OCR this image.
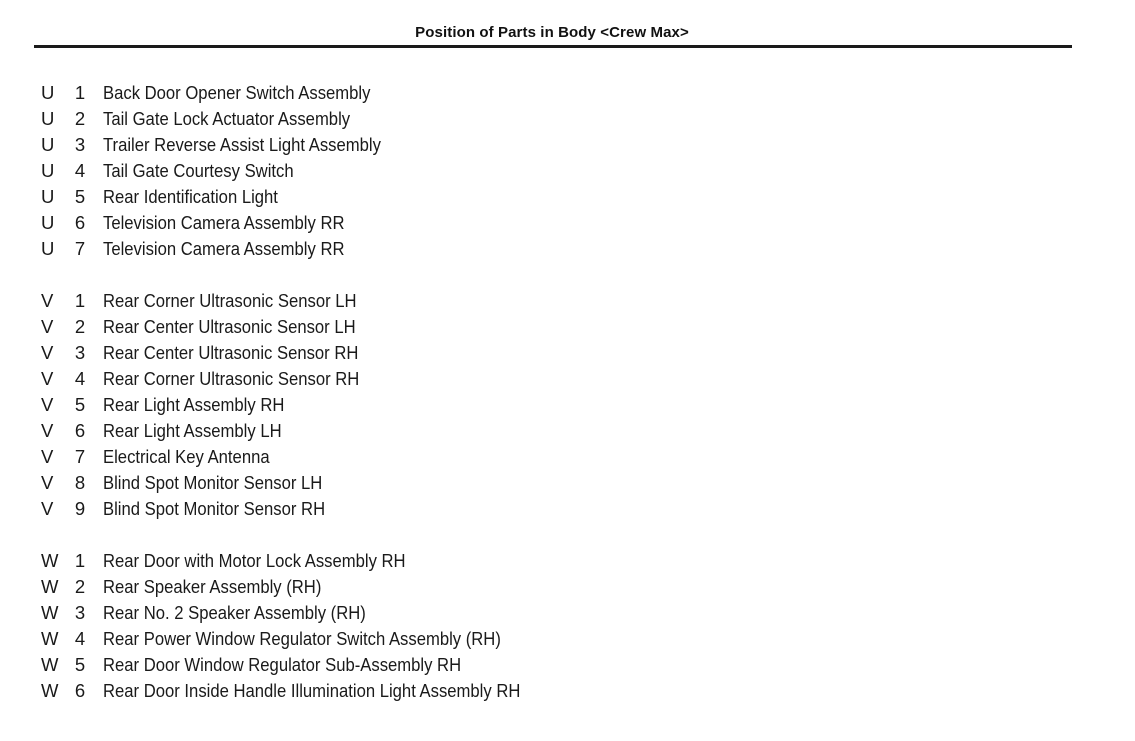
Position of Parts in Body <Crew Max>
U	1 Back Door Opener Switch Assembly
U	2 Tail Gate Lock Actuator Assembly
U	3 Trailer Reverse Assist Light Assembly
U	4 Tail Gate Courtesy Switch
U	5 Rear Identification Light
U	6 Television Camera Assembly RR
U	7 Television Camera Assembly RR
V	1 Rear Corner Ultrasonic Sensor LH
V	2 Rear Center Ultrasonic Sensor LH
V	3 Rear Center Ultrasonic Sensor RH
V	4 Rear Corner Ultrasonic Sensor RH
V	5 Rear Light Assembly RH
V	6 Rear Light Assembly LH
V	7 Electrical Key Antenna
V	8 Blind Spot Monitor Sensor LH
V	9 Blind Spot Monitor Sensor RH
W 1 Rear Door with Motor Lock Assembly RH
W 2 Rear Speaker Assembly (RH)
W 3 Rear No. 2 Speaker Assembly (RH)
W 4 Rear Power Window Regulator Switch Assembly (RH)
W 5 Rear Door Window Regulator Sub-Assembly RH
W 6 Rear Door Inside Handle Illumination Light Assembly RH
